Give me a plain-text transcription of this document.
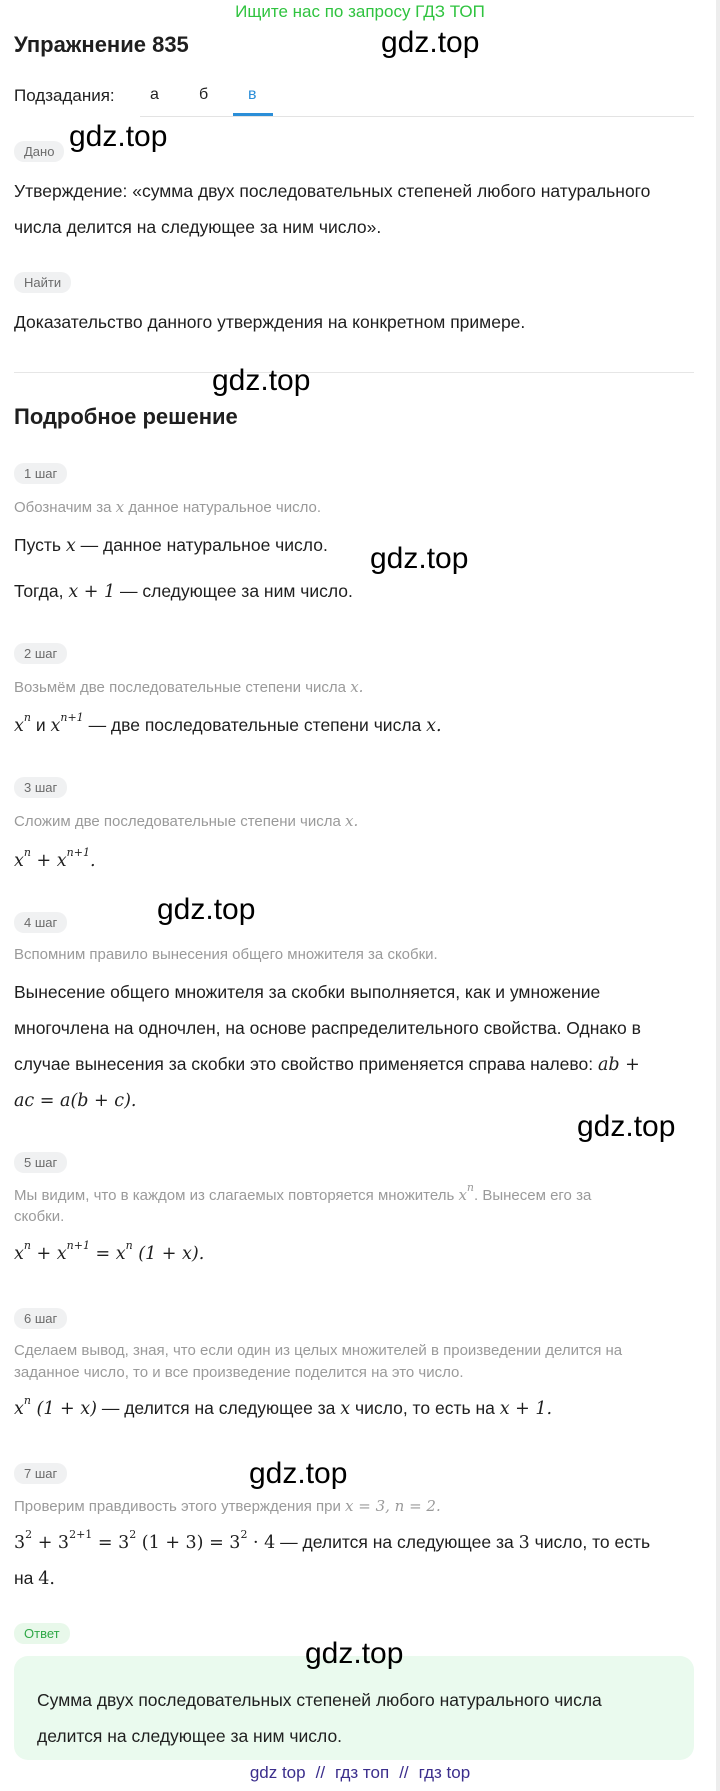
Ищите нас по запросу ГДЗ ТОП
Упражнение 835	gdz.top
Подзадания: а	б в
Дано gdz.top
Утверждение: «сумма двух последовательных степеней любого натурального
числа делится на следующее за ним число».
Найти
Доказательство данного утверждения на конкретном примере.
gdz.top
Подробное решение
1 шаг
Обозначим за x данное натуральное число.
Пусть x — данное натуральное число. gdz.top
Тогда, x + 1 — следующее за ним число.
2 шаг
Возьмём две последовательные степени числа x.
$x^n$ и $x^{n+1}$ — две последовательные степени числа x.
3 шаг
Сложим две последовательные степени числа x.
$x^n + x^{n+1}$.
4 шаг	gdz.top
Вспомним правило вынесения общего множителя за скобки.
Вынесение общего множителя за скобки выполняется, как и умножение
многочлена на одночлен, на основе распределительного свойства. Однако в
случае вынесения за скобки это свойство применяется справа налево: ab +
ac = a(b + c).
gdz.top
5 шаг
Мы видим, что в каждом из слагаемых повторяется множитель $x^n$. Вынесем его за
скобки.
$x^n + x^{n+1} = x^n$ (1 + x).
6 шаг
Сделаем вывод, зная, что если один из целых множителей в произведении делится на
заданное число, то и все произведение поделится на это число.
$x^n$ (1 + x) — делится на следующее за x число, то есть на x + 1.
7 шаг	gdz.top
Проверим правдивость этого утверждения при x = 3, n = 2.
$3^2 + 3^{2+1} = 3^2$ $(1 + 3) = 3^2 \cdot 4$ — делится на следующее за 3 число, то есть
на 4.
Ответ
Сумма двух последовательных степеней любого натурального числа
делится на следующее за ним число.
gdz.top
gdz top // гдз топ // гдз top
